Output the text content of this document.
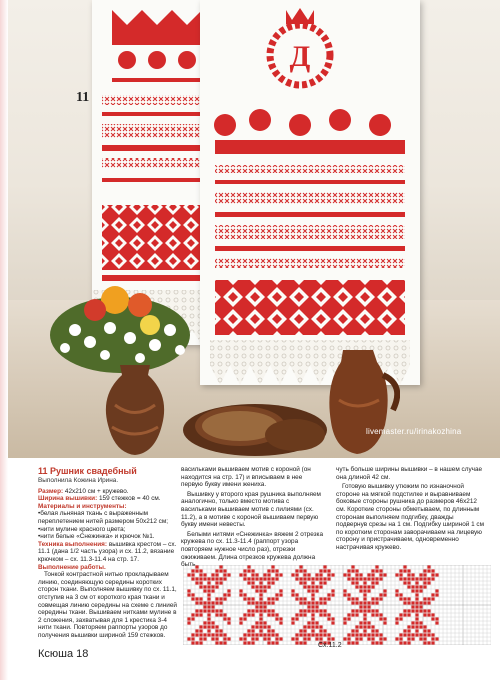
Д
11
livemaster.ru/irinakozhina
11 Рушник свадебный
Выполнила Кожина Ирина.
Размер: 42х210 см + кружево.
Ширина вышивки: 159 стежков = 40 см.
Материалы и инструменты:
• белая льняная ткань с выраженным переплетением нитей размером 50х212 см;
• нити мулине красного цвета;
• нити белые «Снежинка» и крючок №1.
Техника выполнения: вышивка крестом – сх. 11.1 (дана 1/2 часть узора) и сх. 11.2, вязание крючком – сх. 11.3-11.4 на стр. 17.
Выполнение работы.
Тонкой контрастной нитью прокладываем линию, соединяющую середины коротких сторон ткани. Выполняем вышивку по сх. 11.1, отступив на 3 см от короткого края ткани и совмещая линию середины на схеме с линией середины ткани. Вышиваем нитками мулине в 2 сложения, захватывая для 1 крестика 3-4 нити ткани. Повторяем раппорты узоров до получения вышивки шириной 159 стежков.
васильками вышиваем мотив с короной (он находится на стр. 17) и вписываем в нее первую букву имени жениха.
Вышивку у второго края рушника выполняем аналогично, только вместо мотива с васильками вышиваем мотив с лилиями (сх. 11.2), а в мотиве с короной вышиваем первую букву имени невесты.
Белыми нитями «Снежинка» вяжем 2 отрезка кружева по сх. 11.3-11.4 (раппорт узора повторяем нужное число раз), отрезки ожиживаем. Длина отрезков кружева должна быть
чуть больше ширины вышивки – в нашем случае она длиной 42 см.
Готовую вышивку утюжим по изнаночной стороне на мягкой подстилке и выравниваем боковые стороны рушника до размеров 46х212 см. Короткие стороны обметываем, по длинным сторонам выполняем подгибку, дважды подвернув срезы на 1 см. Подгибку шириной 1 см по коротким сторонам заворачиваем на лицевую сторону и пристрачиваем, одновременно настрачивая кружево.
Сх.11.2
Ксюша 18
